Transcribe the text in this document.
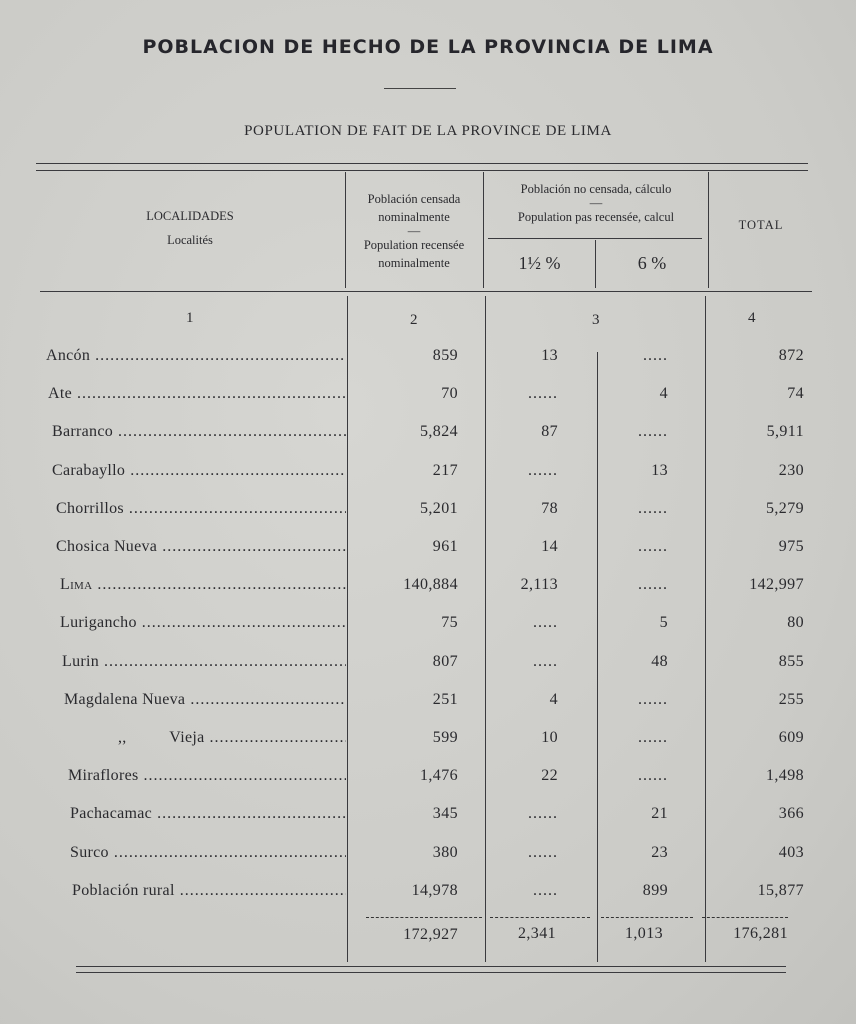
POBLACION DE HECHO DE LA PROVINCIA DE LIMA
POPULATION DE FAIT DE LA PROVINCE DE LIMA
LOCALIDADES
Localités
Población censada
nominalmente
—
Population recensée
nominalmente
Población no censada, cálculo
—
Population pas recensée, calcul
1½ %	6 %
TOTAL
1	2	3	4
Ancón .....	859	13	.....	872
Ate .....	70	......	4	74
Barranco .....	5,824	87	......	5,911
Carabayllo .....	217	......	13	230
Chorrillos .....	5,201	78	......	5,279
Chosica Nueva .....	961	14	......	975
Lima .....	140,884	2,113	......	142,997
Lurigancho .....	75	.....	5	80
Lurin .....	807	.....	48	855
Magdalena Nueva .....	251	4	......	255
,,          Vieja .....	599	10	......	609
Miraflores .....	1,476	22	......	1,498
Pachacamac .....	345	......	21	366
Surco .....	380	......	23	403
Población rural .....	14,978	.....	899	15,877
172,927	2,341	1,013	176,281
